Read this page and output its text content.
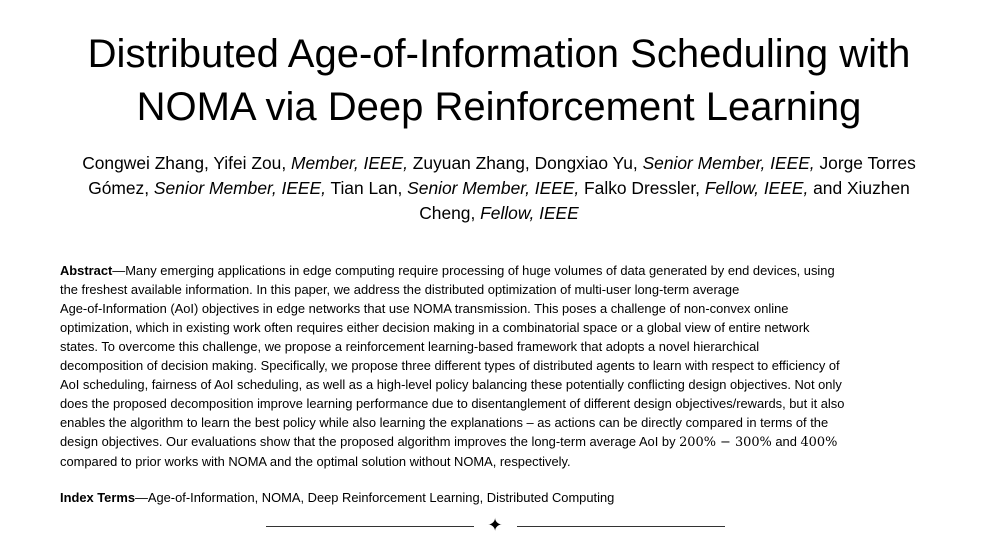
Distributed Age-of-Information Scheduling with
NOMA via Deep Reinforcement Learning
Congwei Zhang, Yifei Zou, Member, IEEE, Zuyuan Zhang, Dongxiao Yu, Senior Member, IEEE, Jorge Torres
Gómez, Senior Member, IEEE, Tian Lan, Senior Member, IEEE, Falko Dressler, Fellow, IEEE, and Xiuzhen
Cheng, Fellow, IEEE
Abstract—Many emerging applications in edge computing require processing of huge volumes of data generated by end devices, using
the freshest available information. In this paper, we address the distributed optimization of multi-user long-term average
Age-of-Information (AoI) objectives in edge networks that use NOMA transmission. This poses a challenge of non-convex online
optimization, which in existing work often requires either decision making in a combinatorial space or a global view of entire network
states. To overcome this challenge, we propose a reinforcement learning-based framework that adopts a novel hierarchical
decomposition of decision making. Specifically, we propose three different types of distributed agents to learn with respect to efficiency of
AoI scheduling, fairness of AoI scheduling, as well as a high-level policy balancing these potentially conflicting design objectives. Not only
does the proposed decomposition improve learning performance due to disentanglement of different design objectives/rewards, but it also
enables the algorithm to learn the best policy while also learning the explanations – as actions can be directly compared in terms of the
design objectives. Our evaluations show that the proposed algorithm improves the long-term average AoI by 200% − 300% and 400%
compared to prior works with NOMA and the optimal solution without NOMA, respectively.
Index Terms—Age-of-Information, NOMA, Deep Reinforcement Learning, Distributed Computing
✦
